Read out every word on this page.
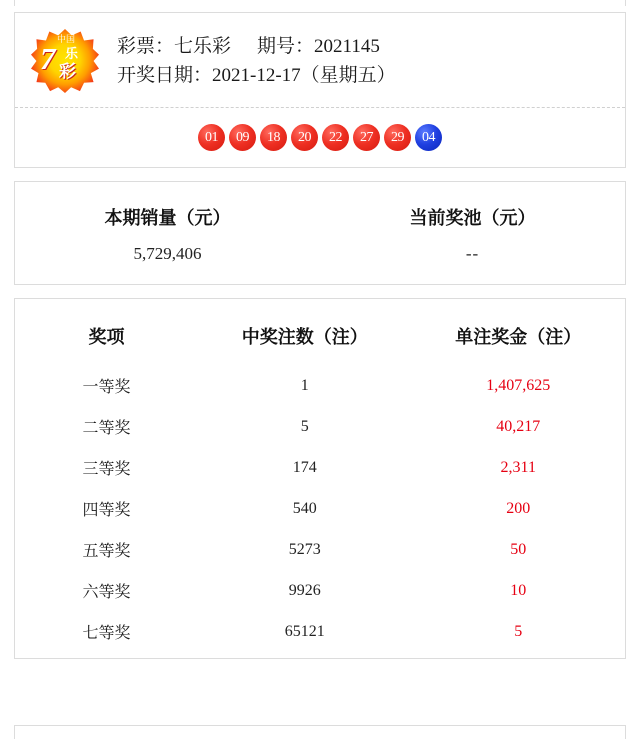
中国
7 乐
彩
彩票：七乐彩 期号：2021145
开奖日期：2021-12-17（星期五）
01	09	18	20	22	27	29	04
本期销量（元）
5,729,406
当前奖池（元）
--
奖项	中奖注数（注）	单注奖金（注）
一等奖	1	1,407,625
二等奖	5	40,217
三等奖	174	2,311
四等奖	540	200
五等奖	5273	50
六等奖	9926	10
七等奖	65121	5
